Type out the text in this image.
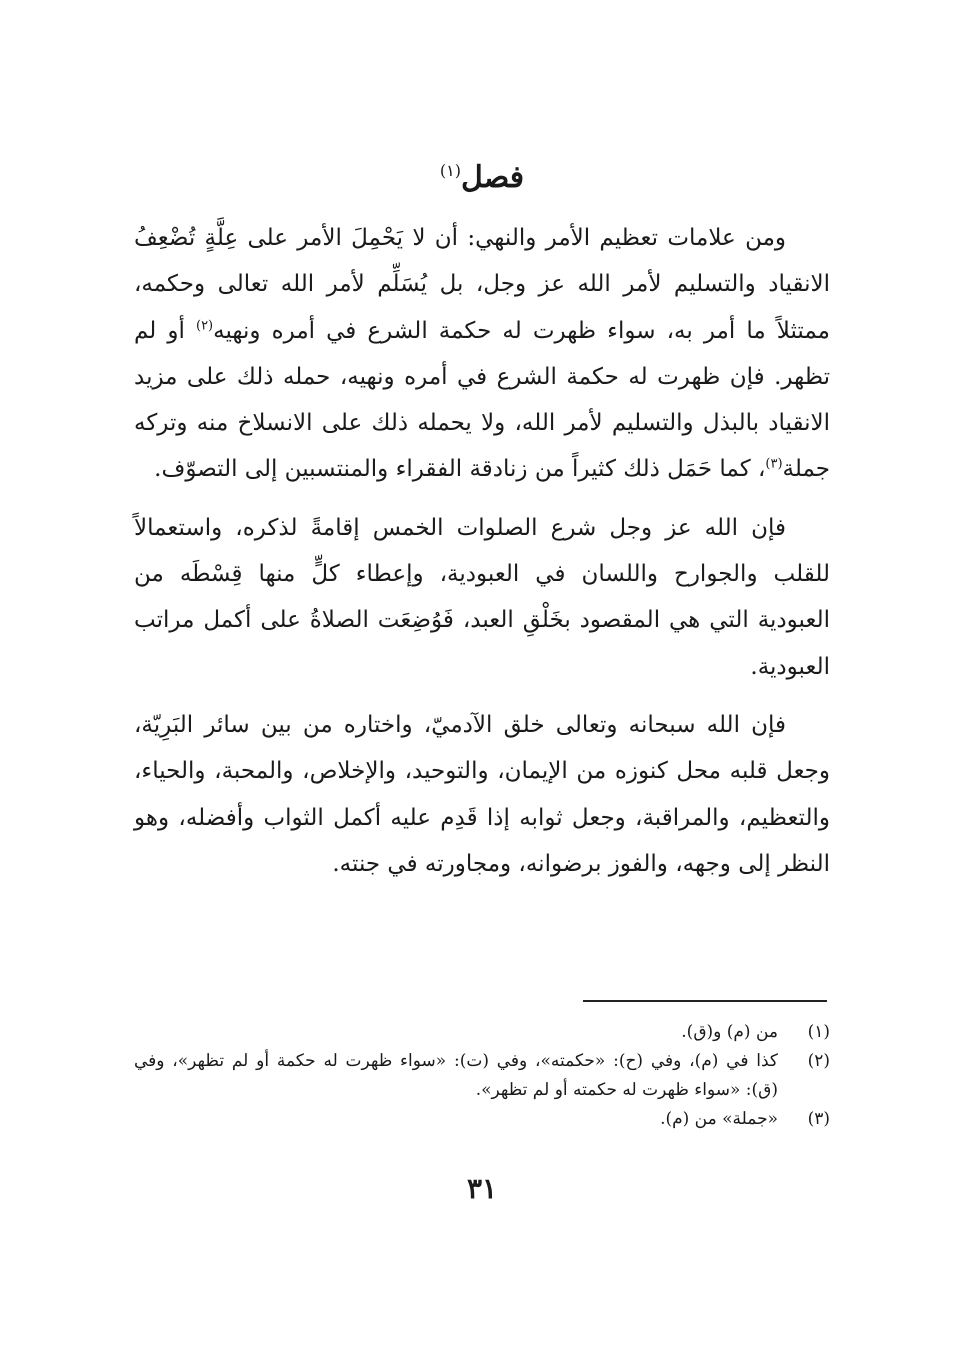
فصل$^{(١)}$

ومن علامات تعظيم الأمر والنهي: أن لا يَحْمِلَ الأمر على عِلَّةٍ تُضْعِفُ الانقياد والتسليم لأمر الله عز وجل، بل يُسَلِّم لأمر الله تعالى وحكمه، ممتثلاً ما أمر به، سواء ظهرت له حكمة الشرع في أمره ونهيه$^{(٢)}$ أو لم تظهر. فإن ظهرت له حكمة الشرع في أمره ونهيه، حمله ذلك على مزيد الانقياد بالبذل والتسليم لأمر الله، ولا يحمله ذلك على الانسلاخ منه وتركه جملة$^{(٣)}$، كما حَمَل ذلك كثيراً من زنادقة الفقراء والمنتسبين إلى التصوّف.

فإن الله عز وجل شرع الصلوات الخمس إقامةً لذكره، واستعمالاً للقلب والجوارح واللسان في العبودية، وإعطاء كلٍّ منها قِسْطَه من العبودية التي هي المقصود بخَلْقِ العبد، فَوُضِعَت الصلاةُ على أكمل مراتب العبودية.

فإن الله سبحانه وتعالى خلق الآدميّ، واختاره من بين سائر البَرِيّة، وجعل قلبه محل كنوزه من الإيمان، والتوحيد، والإخلاص، والمحبة، والحياء، والتعظيم، والمراقبة، وجعل ثوابه إذا قَدِم عليه أكمل الثواب وأفضله، وهو النظر إلى وجهه، والفوز برضوانه، ومجاورته في جنته.

(١)
من (م) و(ق).
(٢)
كذا في (م)، وفي (ح): «حكمته»، وفي (ت): «سواء ظهرت له حكمة أو لم تظهر»، وفي (ق): «سواء ظهرت له حكمته أو لم تظهر».
(٣)
«جملة» من (م).
٣١
